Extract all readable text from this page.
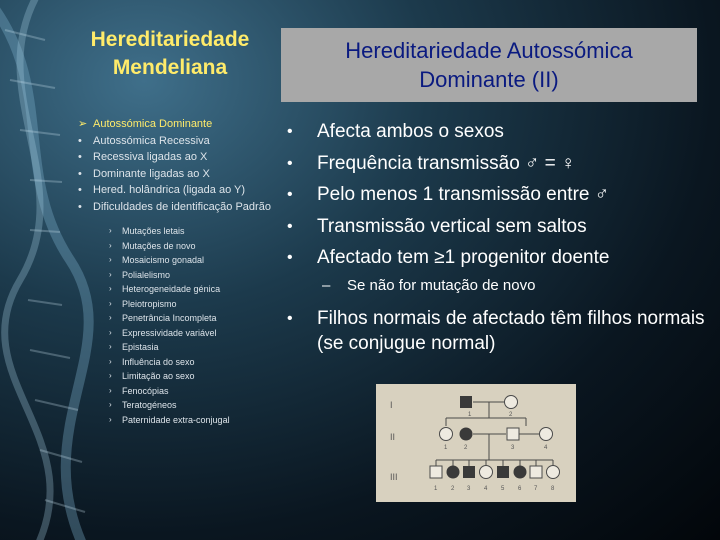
Hereditariedade Mendeliana
➢ Autossómica Dominante
• Autossómica Recessiva
• Recessiva ligadas ao X
• Dominante ligadas ao X
• Hered. holândrica (ligada ao Y)
• Dificuldades de identificação Padrão
› Mutações letais
› Mutações de novo
› Mosaicismo gonadal
› Polialelismo
› Heterogeneidade génica
› Pleiotropismo
› Penetrância Incompleta
› Expressividade variável
› Epistasia
› Influência do sexo
› Limitação ao sexo
› Fenocópias
› Teratogéneos
› Paternidade extra-conjugal
Hereditariedade Autossómica Dominante (II)
• Afecta ambos o sexos
• Frequência transmissão ♂ = ♀
• Pelo menos 1 transmissão entre ♂
• Transmissão vertical sem saltos
• Afectado tem ≥1 progenitor doente
– Se não for mutação de novo
• Filhos normais de afectado têm filhos normais (se conjugue normal)
I
II
III
1	2
1	2	3	4
1 2 3 4 5 6 7 8
